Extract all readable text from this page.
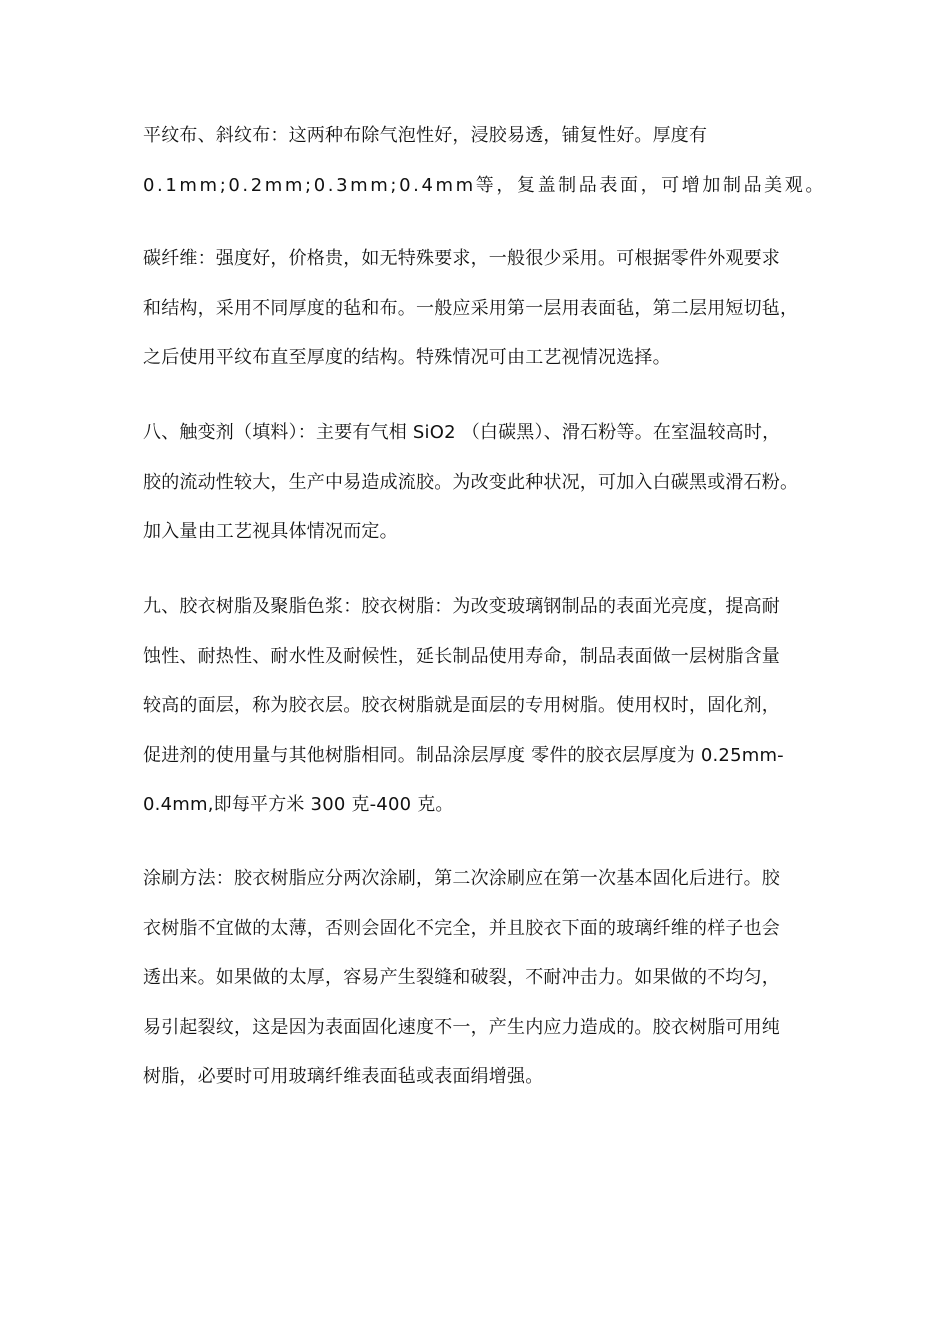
平纹布、斜纹布：这两种布除气泡性好，浸胶易透，铺复性好。厚度有
0.1mm;0.2mm;0.3mm;0.4mm等，复盖制品表面，可增加制品美观。
碳纤维：强度好，价格贵，如无特殊要求，一般很少采用。可根据零件外观要求
和结构，采用不同厚度的毡和布。一般应采用第一层用表面毡，第二层用短切毡，
之后使用平纹布直至厚度的结构。特殊情况可由工艺视情况选择。
八、触变剂（填料）：主要有气相 SiO2 （白碳黑）、滑石粉等。在室温较高时，
胶的流动性较大，生产中易造成流胶。为改变此种状况，可加入白碳黑或滑石粉。
加入量由工艺视具体情况而定。
九、胶衣树脂及聚脂色浆：胶衣树脂：为改变玻璃钢制品的表面光亮度，提高耐
蚀性、耐热性、耐水性及耐候性，延长制品使用寿命，制品表面做一层树脂含量
较高的面层，称为胶衣层。胶衣树脂就是面层的专用树脂。使用权时，固化剂，
促进剂的使用量与其他树脂相同。制品涂层厚度 零件的胶衣层厚度为 0.25mm-
0.4mm,即每平方米 300 克-400 克。
涂刷方法：胶衣树脂应分两次涂刷，第二次涂刷应在第一次基本固化后进行。胶
衣树脂不宜做的太薄，否则会固化不完全，并且胶衣下面的玻璃纤维的样子也会
透出来。如果做的太厚，容易产生裂缝和破裂，不耐冲击力。如果做的不均匀，
易引起裂纹，这是因为表面固化速度不一，产生内应力造成的。胶衣树脂可用纯
树脂，必要时可用玻璃纤维表面毡或表面绢增强。
